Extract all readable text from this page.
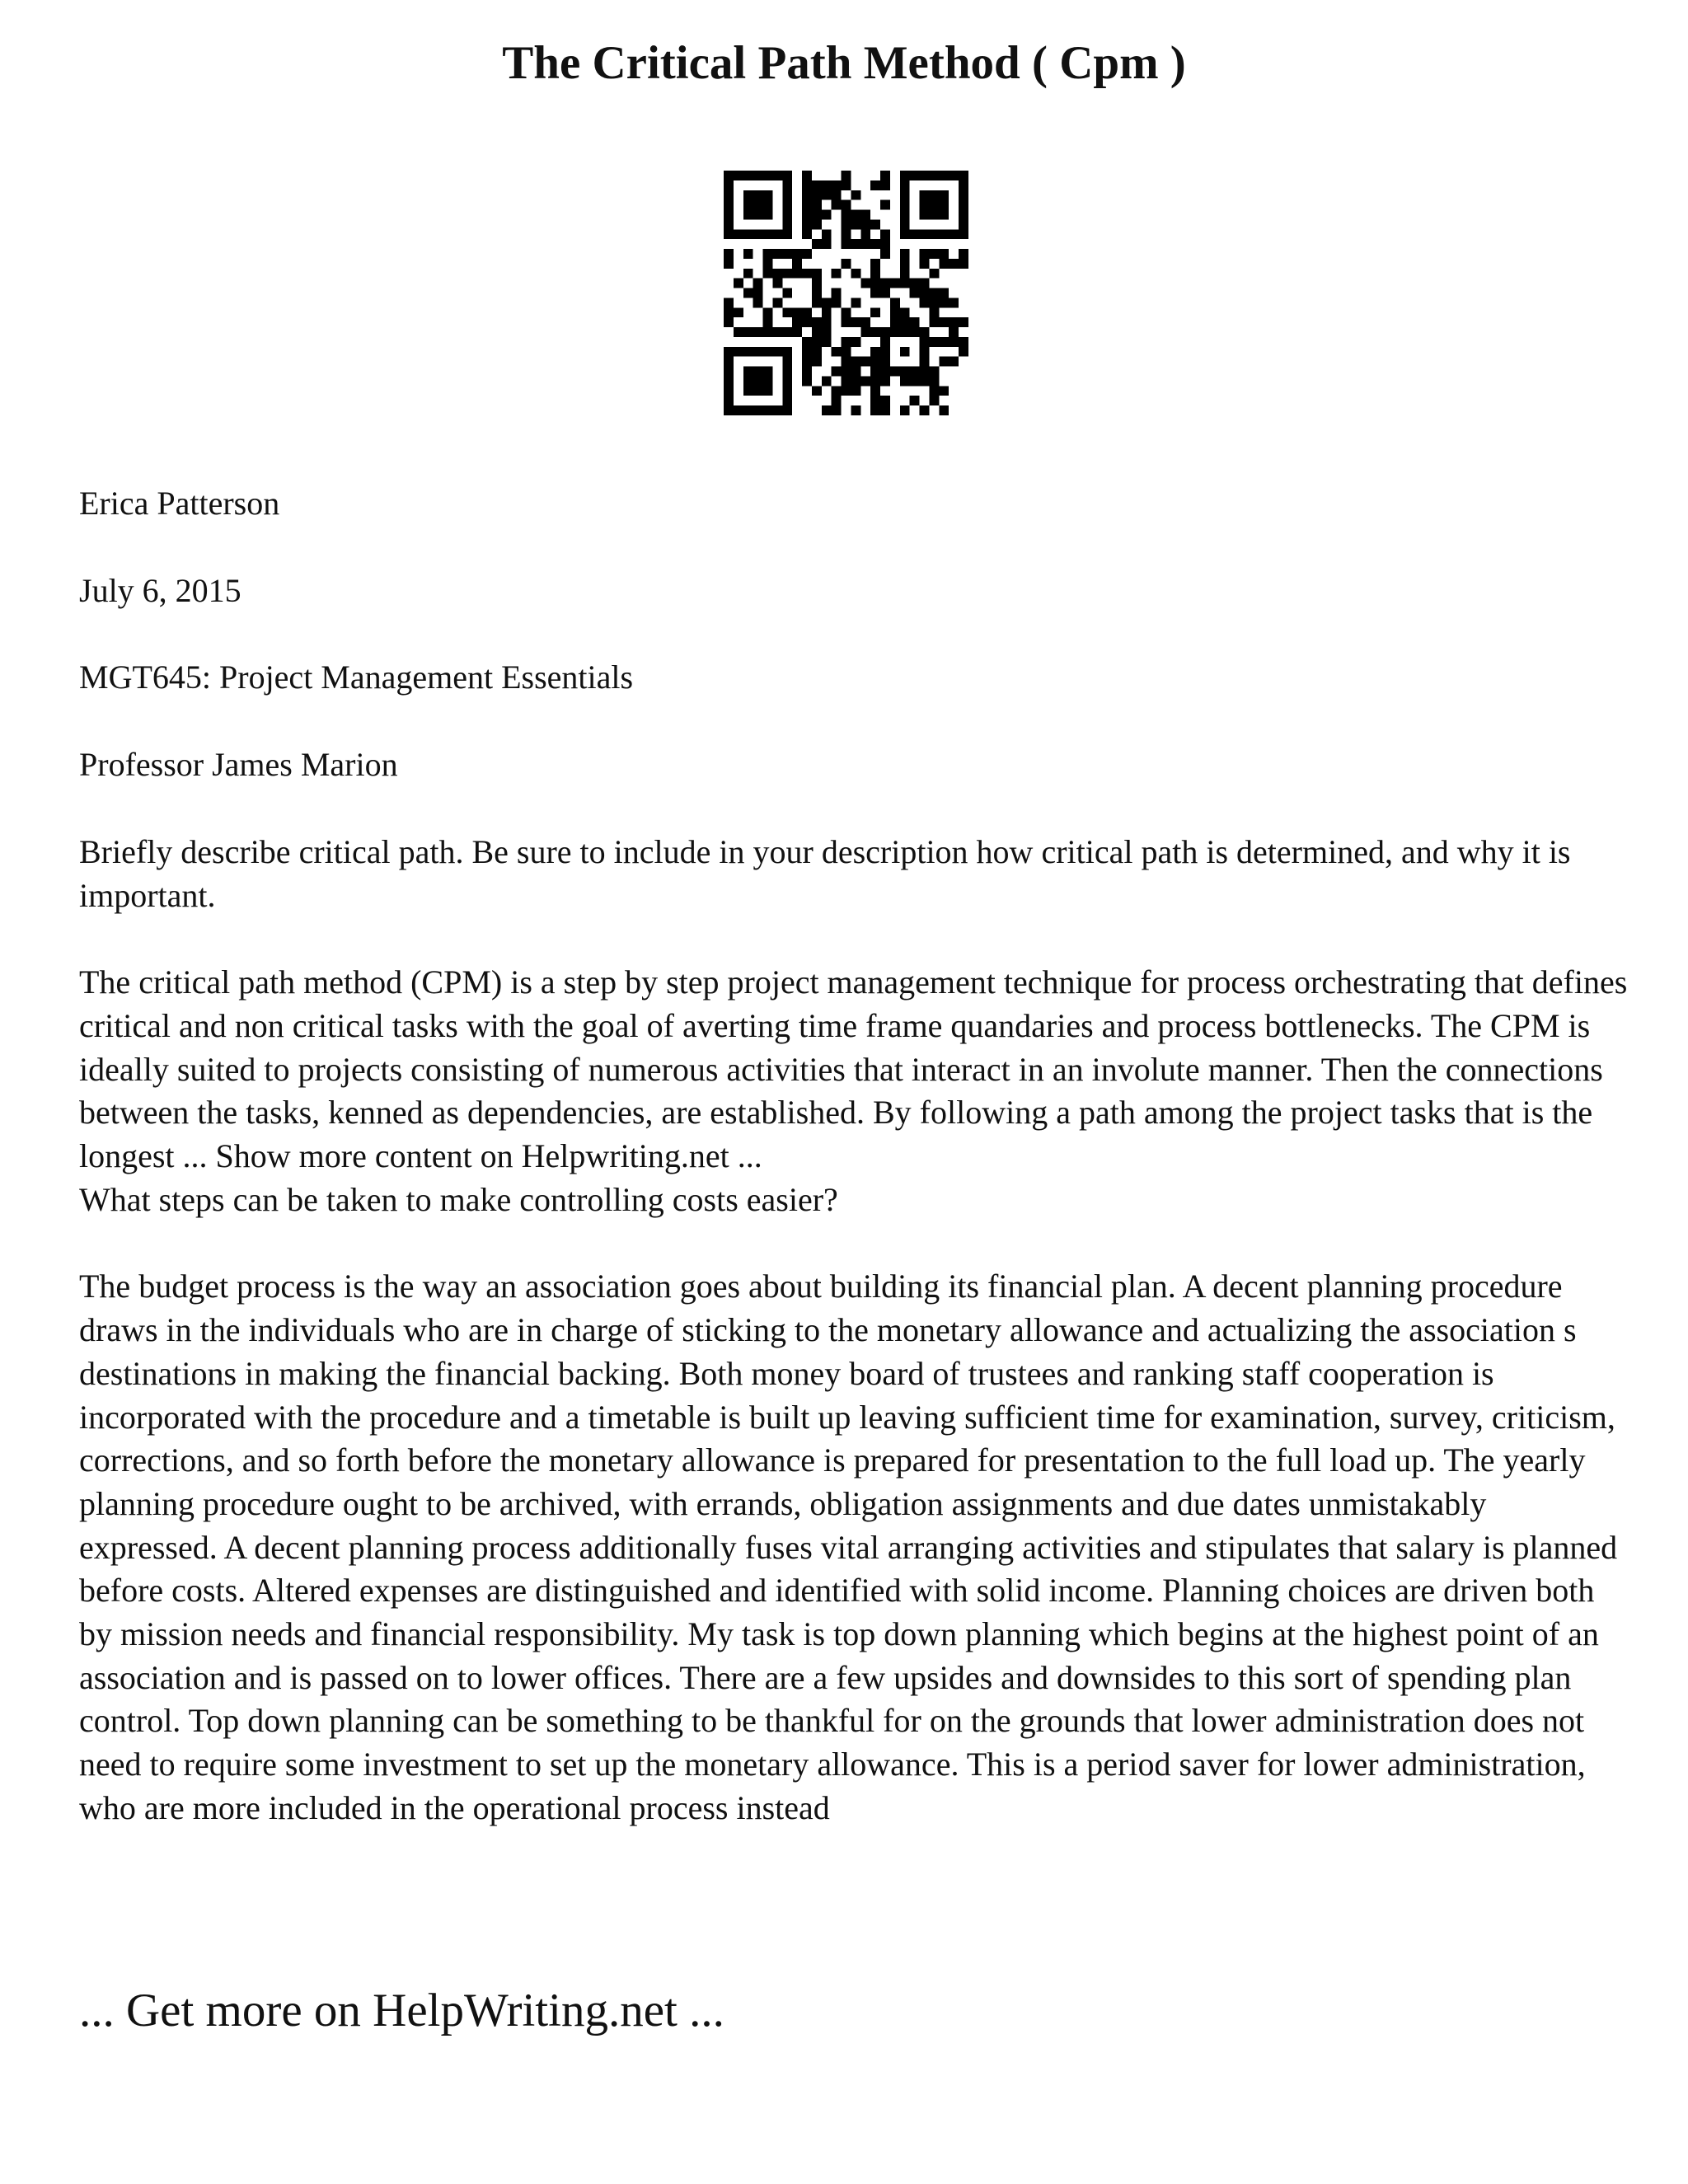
The Critical Path Method ( Cpm )

Erica Patterson

July 6, 2015

MGT645: Project Management Essentials

Professor James Marion

Briefly describe critical path. Be sure to include in your description how critical path is determined, and why it is important.

The critical path method (CPM) is a step by step project management technique for process orchestrating that defines critical and non critical tasks with the goal of averting time frame quandaries and process bottlenecks. The CPM is ideally suited to projects consisting of numerous activities that interact in an involute manner. Then the connections between the tasks, kenned as dependencies, are established. By following a path among the project tasks that is the longest ... Show more content on Helpwriting.net ...

What steps can be taken to make controlling costs easier?

The budget process is the way an association goes about building its financial plan. A decent planning procedure draws in the individuals who are in charge of sticking to the monetary allowance and actualizing the association s destinations in making the financial backing. Both money board of trustees and ranking staff cooperation is incorporated with the procedure and a timetable is built up leaving sufficient time for examination, survey, criticism, corrections, and so forth before the monetary allowance is prepared for presentation to the full load up. The yearly planning procedure ought to be archived, with errands, obligation assignments and due dates unmistakably expressed. A decent planning process additionally fuses vital arranging activities and stipulates that salary is planned before costs. Altered expenses are distinguished and identified with solid income. Planning choices are driven both by mission needs and financial responsibility. My task is top down planning which begins at the highest point of an association and is passed on to lower offices. There are a few upsides and downsides to this sort of spending plan control. Top down planning can be something to be thankful for on the grounds that lower administration does not need to require some investment to set up the monetary allowance. This is a period saver for lower administration, who are more included in the operational process instead

... Get more on HelpWriting.net ...
